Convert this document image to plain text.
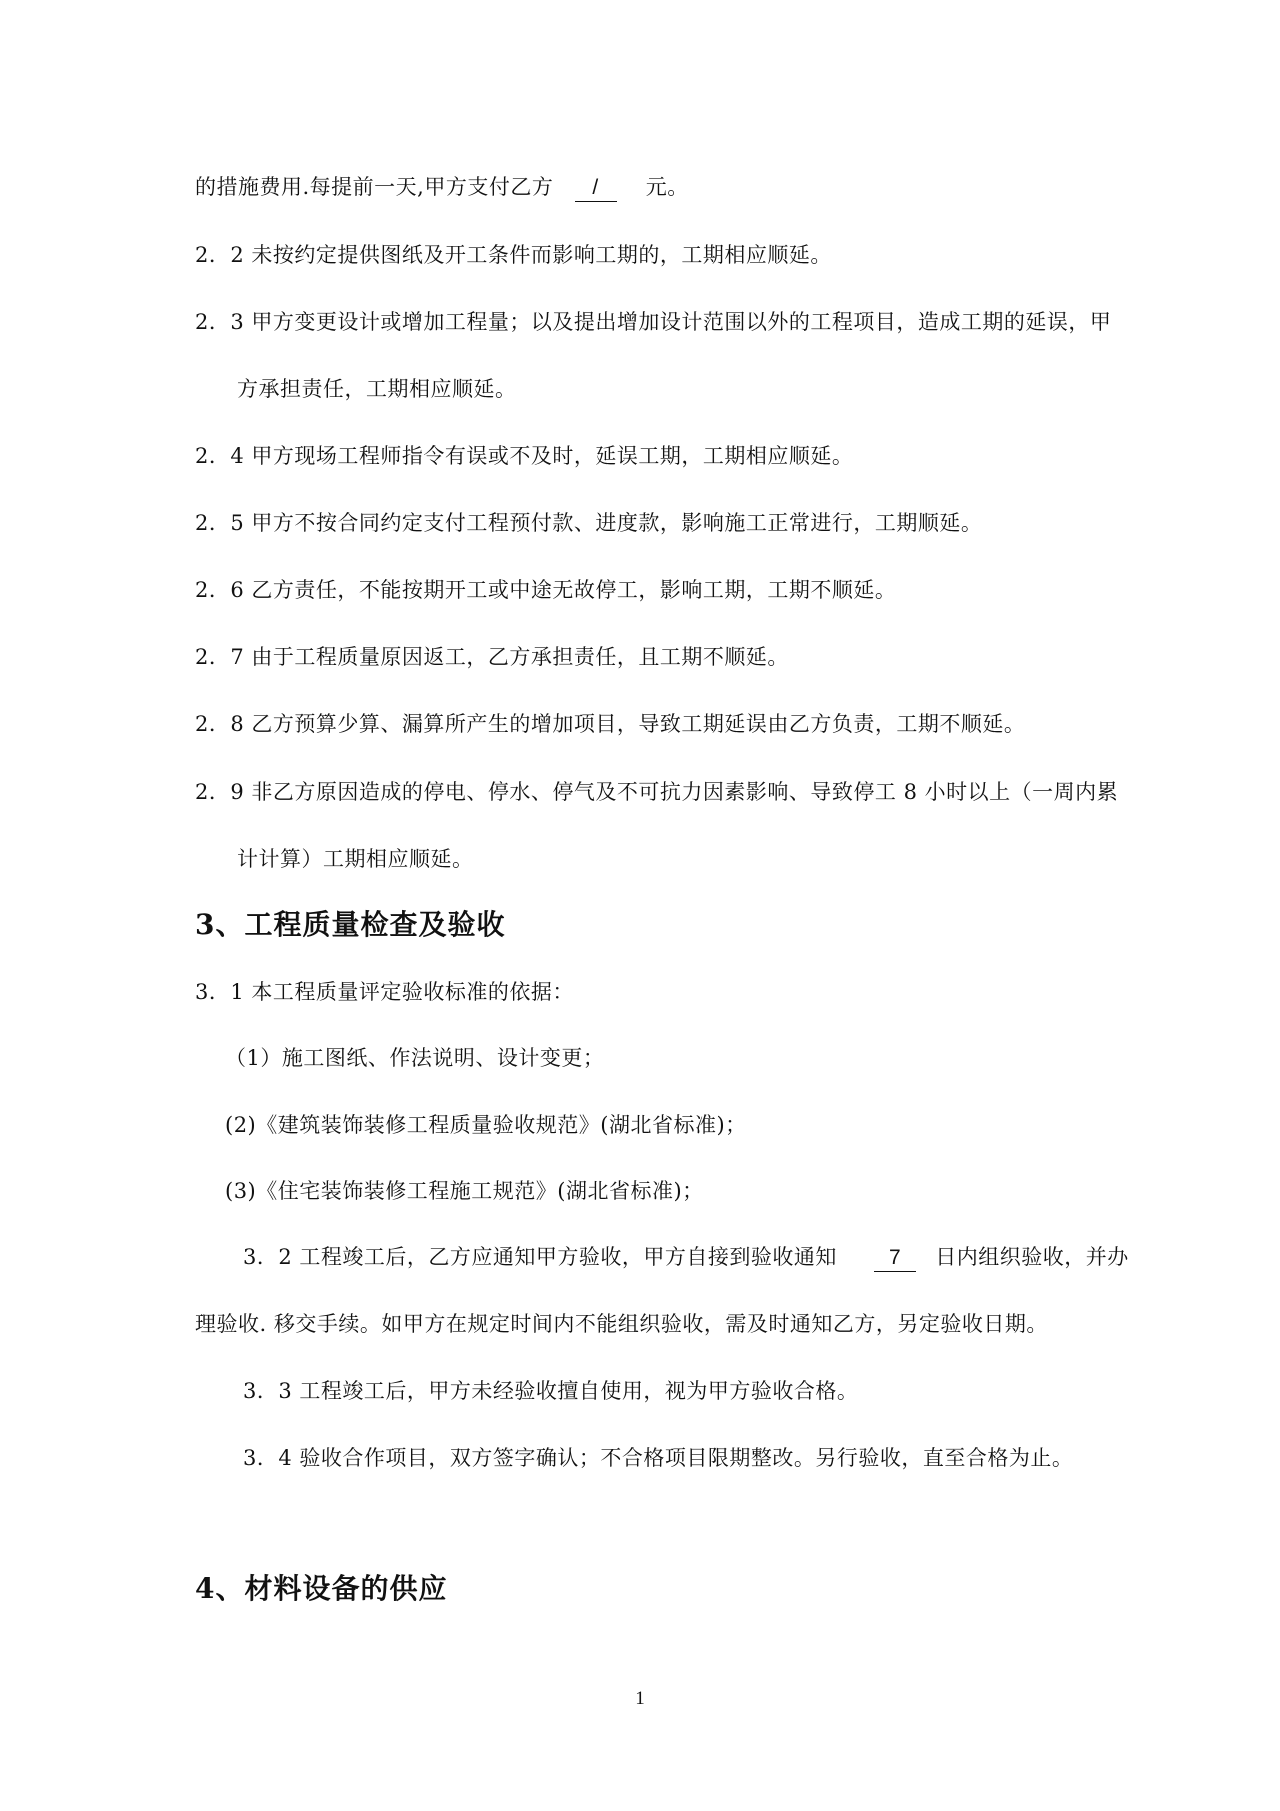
的措施费用.每提前一天,甲方支付乙方 / 元。
2．2 未按约定提供图纸及开工条件而影响工期的，工期相应顺延。
2．3 甲方变更设计或增加工程量；以及提出增加设计范围以外的工程项目，造成工期的延误，甲
方承担责任，工期相应顺延。
2．4 甲方现场工程师指令有误或不及时，延误工期，工期相应顺延。
2．5 甲方不按合同约定支付工程预付款、进度款，影响施工正常进行，工期顺延。
2．6 乙方责任，不能按期开工或中途无故停工，影响工期，工期不顺延。
2．7 由于工程质量原因返工，乙方承担责任，且工期不顺延。
2．8 乙方预算少算、漏算所产生的增加项目，导致工期延误由乙方负责，工期不顺延。
2．9 非乙方原因造成的停电、停水、停气及不可抗力因素影响、导致停工 8 小时以上（一周内累
计计算）工期相应顺延。
3、工程质量检查及验收
3．1 本工程质量评定验收标准的依据：
（1）施工图纸、作法说明、设计变更；
(2)《建筑装饰装修工程质量验收规范》(湖北省标准)；
(3)《住宅装饰装修工程施工规范》(湖北省标准)；
3．2 工程竣工后，乙方应通知甲方验收，甲方自接到验收通知 7 日内组织验收，并办
理验收. 移交手续。如甲方在规定时间内不能组织验收，需及时通知乙方，另定验收日期。
3．3 工程竣工后，甲方未经验收擅自使用，视为甲方验收合格。
3．4 验收合作项目，双方签字确认；不合格项目限期整改。另行验收，直至合格为止。
4、材料设备的供应
1
